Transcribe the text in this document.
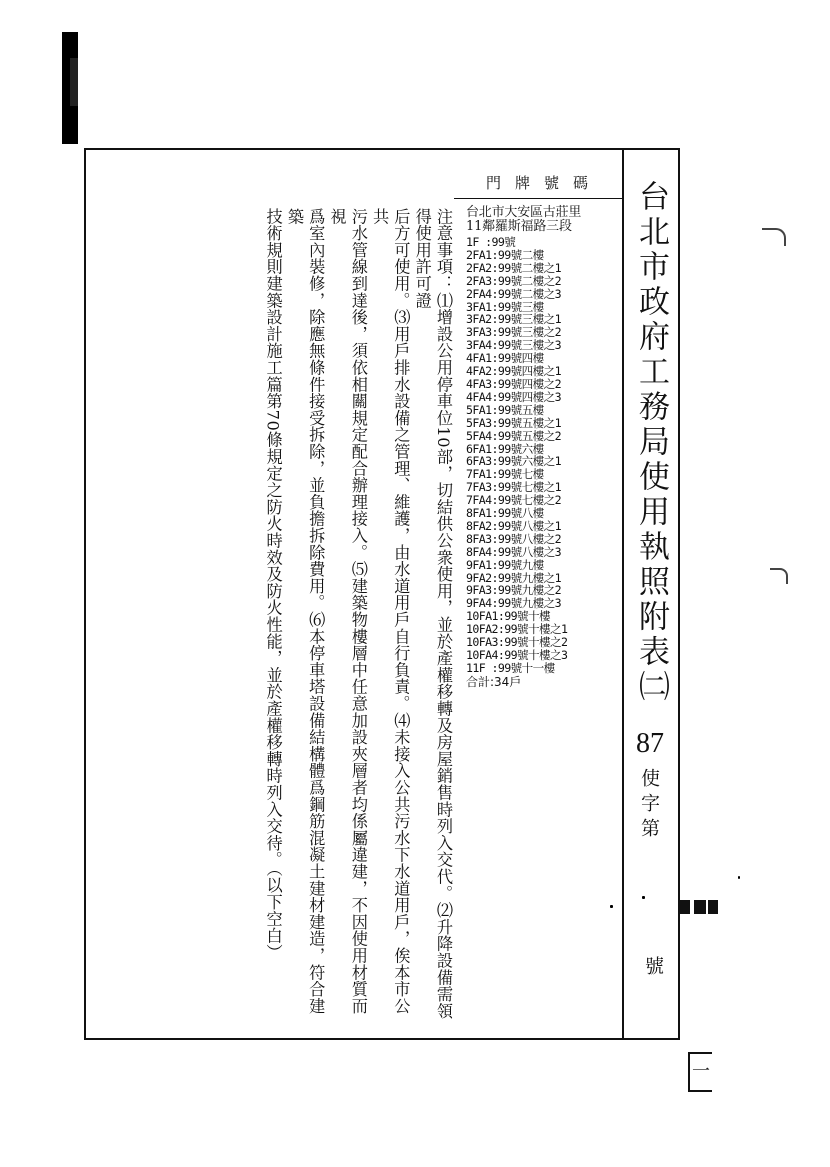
台北市政府工務局使用執照附表㈡
87
使字第
號
一
門牌號碼
台北市大安區古莊里
11鄰羅斯福路三段
1F :99號
2FA1:99號二樓
2FA2:99號二樓之1
2FA3:99號二樓之2
2FA4:99號二樓之3
3FA1:99號三樓
3FA2:99號三樓之1
3FA3:99號三樓之2
3FA4:99號三樓之3
4FA1:99號四樓
4FA2:99號四樓之1
4FA3:99號四樓之2
4FA4:99號四樓之3
5FA1:99號五樓
5FA3:99號五樓之1
5FA4:99號五樓之2
6FA1:99號六樓
6FA3:99號六樓之1
7FA1:99號七樓
7FA3:99號七樓之1
7FA4:99號七樓之2
8FA1:99號八樓
8FA2:99號八樓之1
8FA3:99號八樓之2
8FA4:99號八樓之3
9FA1:99號九樓
9FA2:99號九樓之1
9FA3:99號九樓之2
9FA4:99號九樓之3
10FA1:99號十樓
10FA2:99號十樓之1
10FA3:99號十樓之2
10FA4:99號十樓之3
11F :99號十一樓
合計:34戶
注意事項：⑴增設公用停車位10部，切結供公衆使用，並於產權移轉及房屋銷售時列入交代。⑵升降設備需領得使用許可證
后方可使用。⑶用戶排水設備之管理、維護，由水道用戶自行負責。⑷未接入公共污水下水道用戶，俟本市公共
污水管線到達後，須依相關規定配合辦理接入。⑸建築物樓層中任意加設夾層者均係屬違建，不因使用材質而視
爲室內裝修，除應無條件接受拆除，並負擔拆除費用。⑹本停車塔設備結構體爲鋼筋混凝土建材建造，符合建築
技術規則建築設計施工篇第70條規定之防火時效及防火性能，並於產權移轉時列入交待。（以下空白）
